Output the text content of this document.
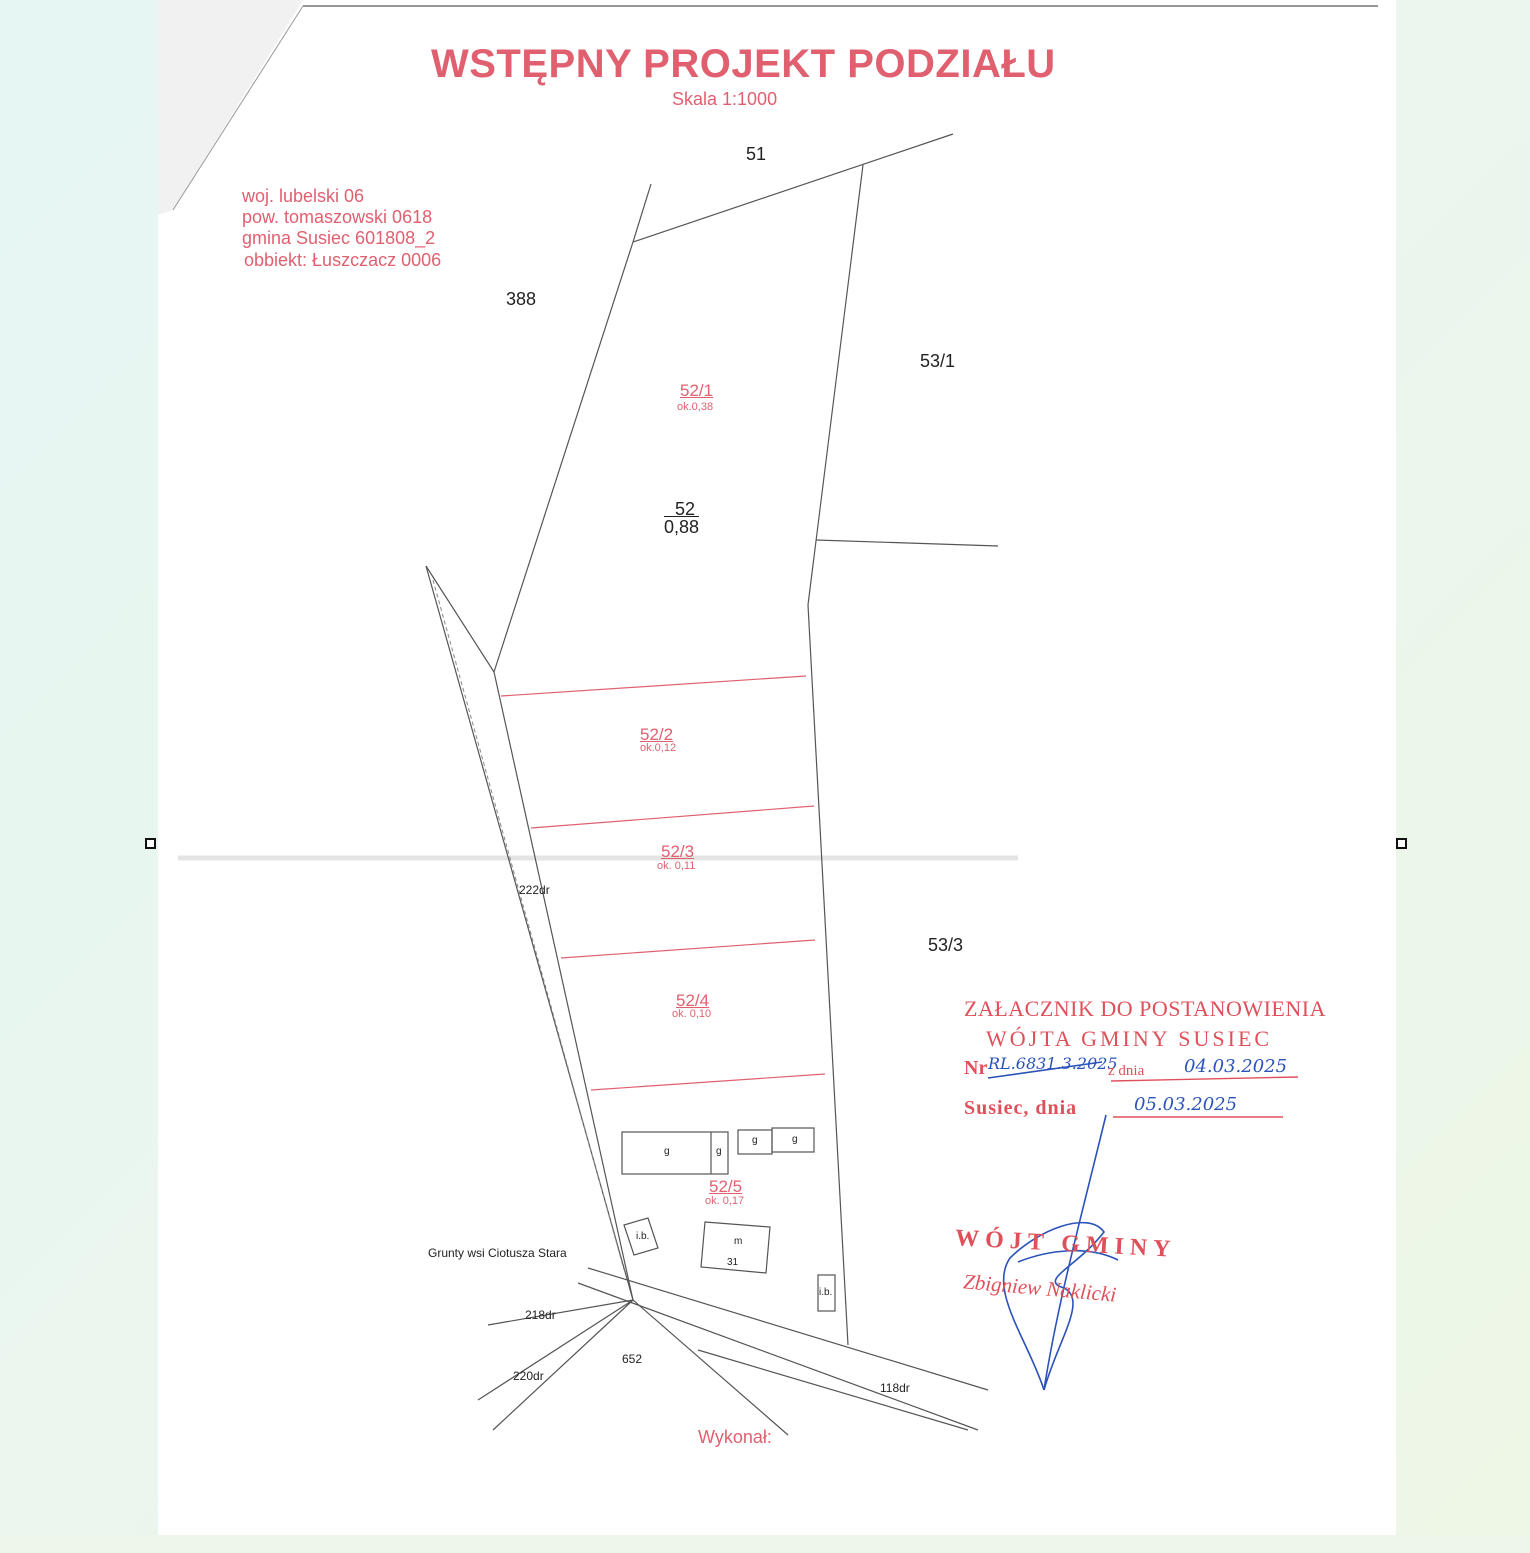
WSTĘPNY PROJEKT PODZIAŁU
Skala 1:1000
woj. lubelski 06
pow. tomaszowski 0618
gmina Susiec 601808_2
obbiekt: Łuszczacz 0006
51
388
53/1
53/3
52
0,88
52/1
ok.0,38
52/2
ok.0,12
52/3
ok. 0,11
52/4
ok. 0,10
52/5
ok. 0,17
g	g
g	g
m
31
i.b.
i.b.
222dr
Grunty wsi Ciotusza Stara
218dr
220dr
652
118dr
Wykonał:
ZAŁACZNIK DO POSTANOWIENIA
WÓJTA GMINY SUSIEC
Nr RL.6831.3.2025
z dnia 04.03.2025
Susiec, dnia	05.03.2025
WÓJT GMINY
Zbigniew Naklicki
